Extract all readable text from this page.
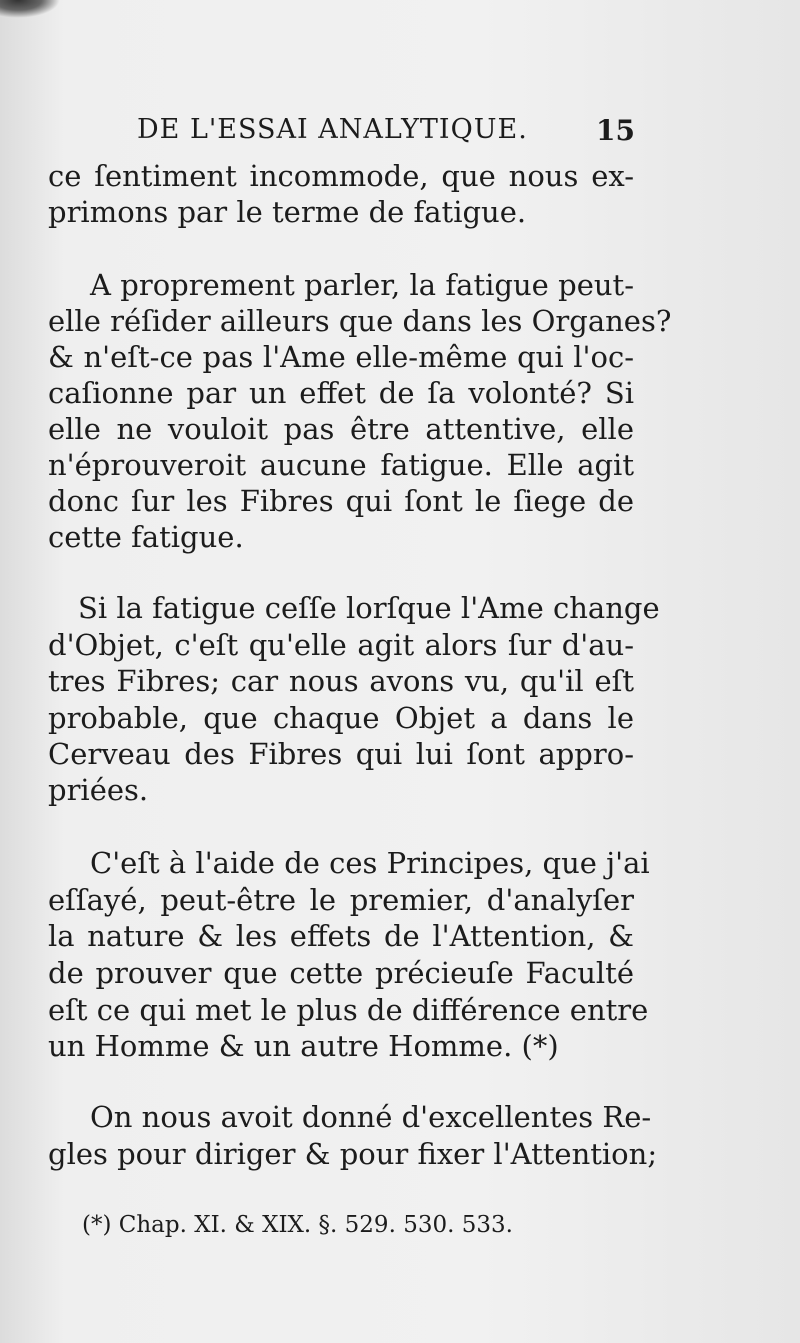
DE L'ESSAI ANALYTIQUE. 15
ce ſentiment incommode, que nous ex-
primons par le terme de fatigue.
A proprement parler, la fatigue peut-
elle réſider ailleurs que dans les Organes?
& n'eſt-ce pas l'Ame elle-même qui l'oc-
caſionne par un effet de ſa volonté? Si
elle ne vouloit pas être attentive, elle
n'éprouveroit aucune fatigue. Elle agit
donc ſur les Fibres qui ſont le ſiege de
cette fatigue.
Si la fatigue ceſſe lorſque l'Ame change
d'Objet, c'eſt qu'elle agit alors ſur d'au-
tres Fibres; car nous avons vu, qu'il eſt
probable, que chaque Objet a dans le
Cerveau des Fibres qui lui ſont appro-
priées.
C'eſt à l'aide de ces Principes, que j'ai
eſſayé, peut-être le premier, d'analyſer
la nature & les effets de l'Attention, &
de prouver que cette précieuſe Faculté
eſt ce qui met le plus de différence entre
un Homme & un autre Homme. (*)
On nous avoit donné d'excellentes Re-
gles pour diriger & pour fixer l'Attention;
(*) Chap. XI. & XIX. §. 529. 530. 533.
